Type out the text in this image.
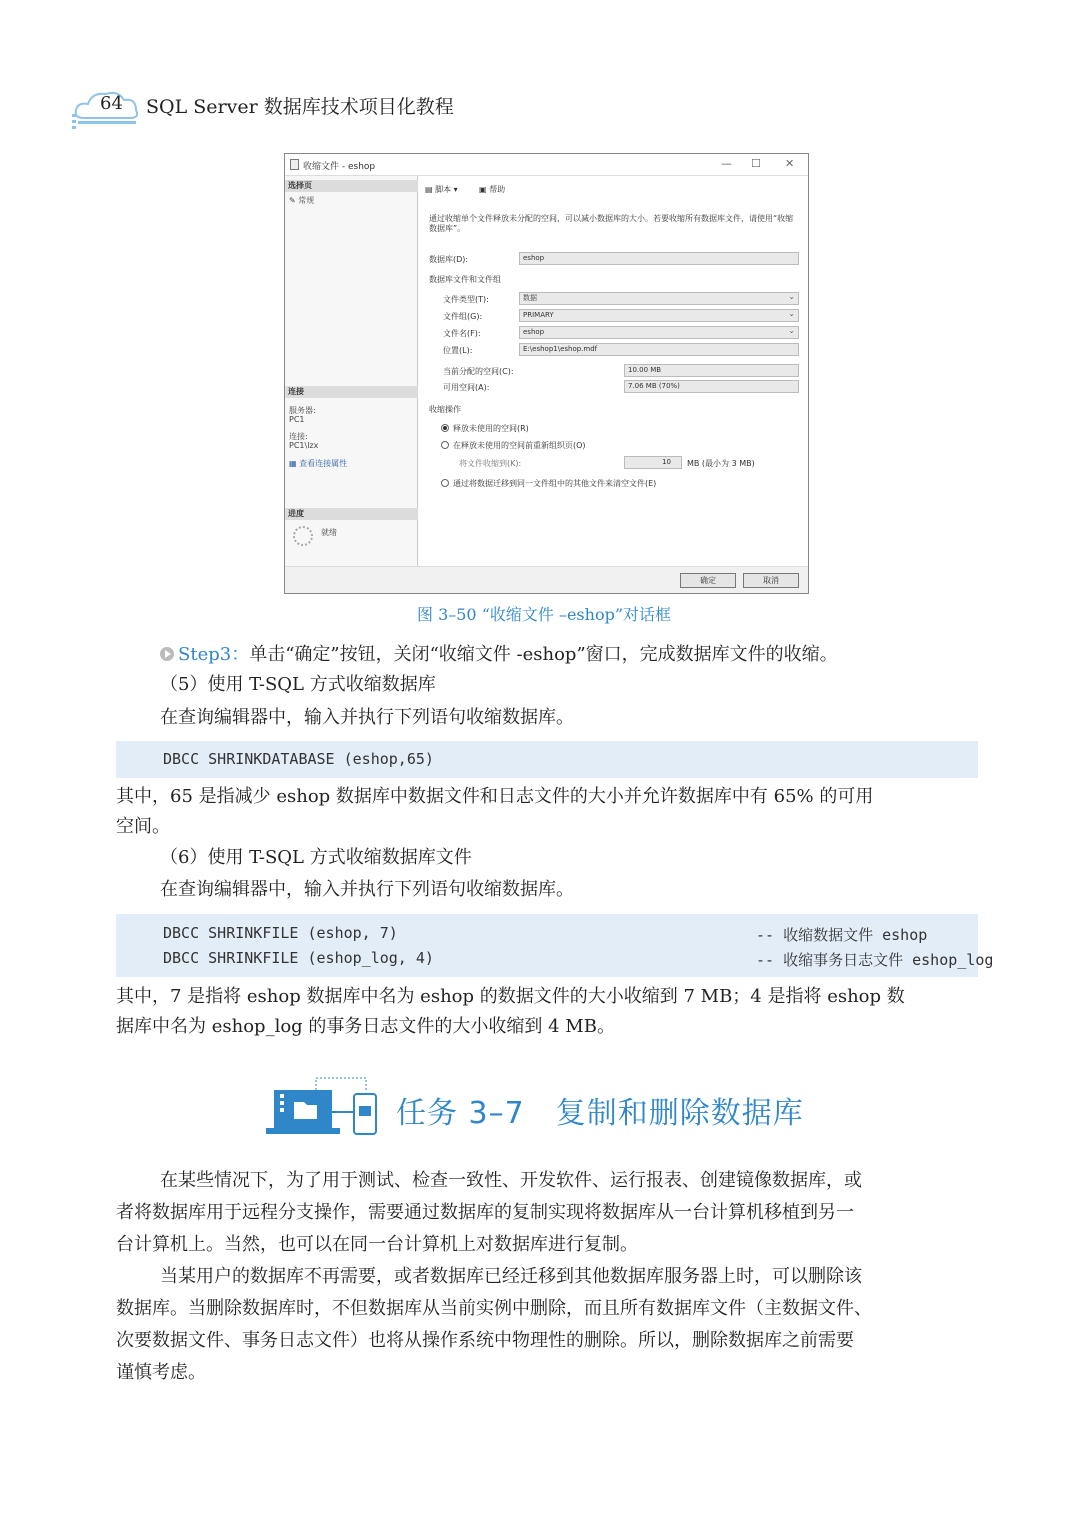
64 SQL Server 数据库技术项目化教程
收缩文件 - eshop	— ☐ ✕
选择页
✎ 常规
连接
服务器:
PC1
连接:
PC1\lzx
▦ 查看连接属性
进度
就绪
▤ 脚本 ▾	▣ 帮助
通过收缩单个文件释放未分配的空间，可以减小数据库的大小。若要收缩所有数据库文件，请使用“收缩数据库”。
数据库(D):	eshop
数据库文件和文件组
文件类型(T):	数据 ⌄
文件组(G):	PRIMARY ⌄
文件名(F):	eshop ⌄
位置(L):	E:\eshop1\eshop.mdf
当前分配的空间(C):	10.00 MB
可用空间(A):	7.06 MB (70%)
收缩操作
释放未使用的空间(R)
在释放未使用的空间前重新组织页(O)
将文件收缩到(K):	10	MB (最小为 3 MB)
通过将数据迁移到同一文件组中的其他文件来清空文件(E)
确定	取消
图 3–50 “收缩文件 –eshop”对话框
Step3：单击“确定”按钮，关闭“收缩文件 -eshop”窗口，完成数据库文件的收缩。
（5）使用 T-SQL 方式收缩数据库
在查询编辑器中，输入并执行下列语句收缩数据库。
DBCC SHRINKDATABASE (eshop,65)
其中，65 是指减少 eshop 数据库中数据文件和日志文件的大小并允许数据库中有 65% 的可用
空间。
（6）使用 T-SQL 方式收缩数据库文件
在查询编辑器中，输入并执行下列语句收缩数据库。
DBCC SHRINKFILE (eshop, 7)	-- 收缩数据文件 eshop
DBCC SHRINKFILE (eshop_log, 4)	-- 收缩事务日志文件 eshop_log
其中，7 是指将 eshop 数据库中名为 eshop 的数据文件的大小收缩到 7 MB；4 是指将 eshop 数
据库中名为 eshop_log 的事务日志文件的大小收缩到 4 MB。
任务 3–7　复制和删除数据库
在某些情况下，为了用于测试、检查一致性、开发软件、运行报表、创建镜像数据库，或
者将数据库用于远程分支操作，需要通过数据库的复制实现将数据库从一台计算机移植到另一
台计算机上。当然，也可以在同一台计算机上对数据库进行复制。
当某用户的数据库不再需要，或者数据库已经迁移到其他数据库服务器上时，可以删除该
数据库。当删除数据库时，不但数据库从当前实例中删除，而且所有数据库文件（主数据文件、
次要数据文件、事务日志文件）也将从操作系统中物理性的删除。所以，删除数据库之前需要
谨慎考虑。
